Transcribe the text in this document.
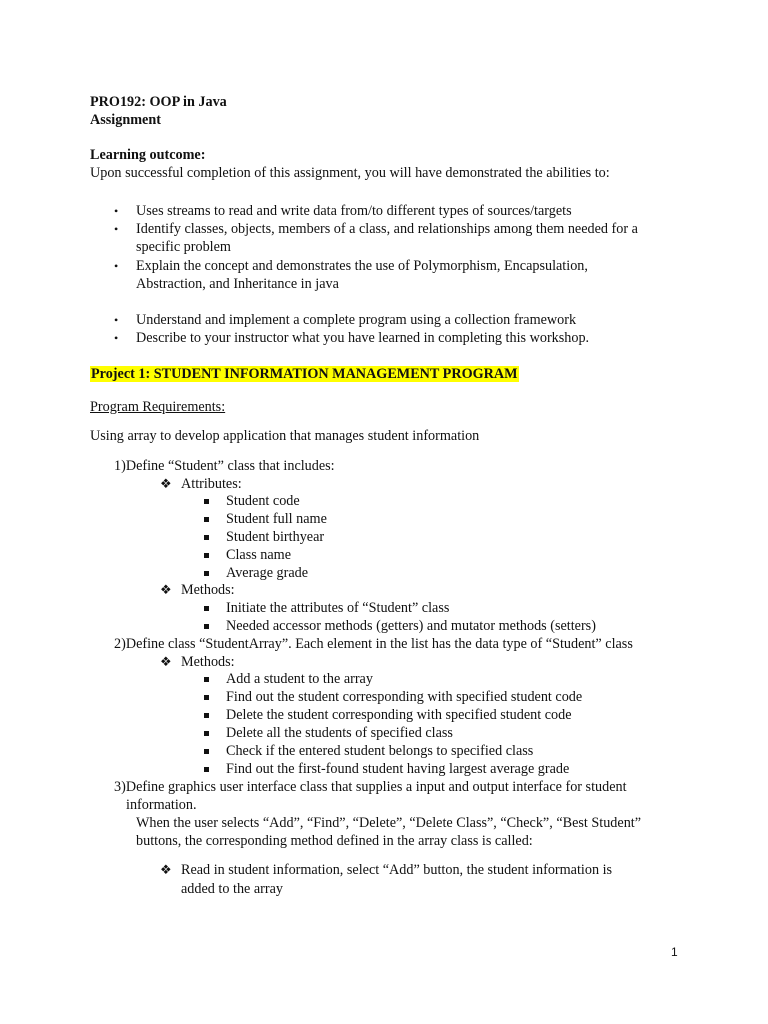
PRO192: OOP in Java
Assignment
Learning outcome:
Upon successful completion of this assignment, you will have demonstrated the abilities to:
• Uses streams to read and write data from/to different types of sources/targets
• Identify classes, objects, members of a class, and relationships among them needed for a
specific problem
• Explain the concept and demonstrates the use of Polymorphism, Encapsulation,
Abstraction, and Inheritance in java
• Understand and implement a complete program using a collection framework
• Describe to your instructor what you have learned in completing this workshop.
Project 1: STUDENT INFORMATION MANAGEMENT PROGRAM
Program Requirements:
Using array to develop application that manages student information
1)Define “Student” class that includes:
❖ Attributes:
Student code
Student full name
Student birthyear
Class name
Average grade
❖ Methods:
Initiate the attributes of “Student” class
Needed accessor methods (getters) and mutator methods (setters)
2)Define class “StudentArray”. Each element in the list has the data type of “Student” class
❖ Methods:
Add a student to the array
Find out the student corresponding with specified student code
Delete the student corresponding with specified student code
Delete all the students of specified class
Check if the entered student belongs to specified class
Find out the first-found student having largest average grade
3)Define graphics user interface class that supplies a input and output interface for student
information.
When the user selects “Add”, “Find”, “Delete”, “Delete Class”, “Check”, “Best Student”
buttons, the corresponding method defined in the array class is called:
❖ Read in student information, select “Add” button, the student information is
added to the array
1
